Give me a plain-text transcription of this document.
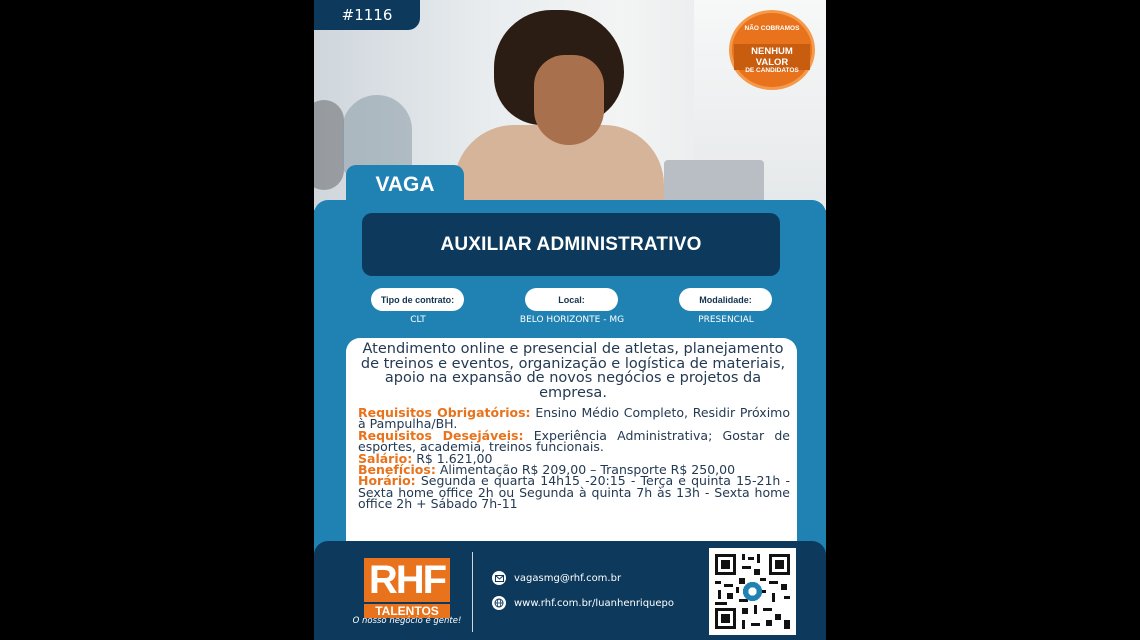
#1116
NÃO COBRAMOS
NENHUM VALOR
DE CANDIDATOS
VAGA
AUXILIAR ADMINISTRATIVO
Tipo de contrato:
CLT
Local:
BELO HORIZONTE - MG
Modalidade:
PRESENCIAL
Atendimento online e presencial de atletas, planejamento de treinos e eventos, organização e logística de materiais, apoio na expansão de novos negócios e projetos da empresa.
Requisitos Obrigatórios: Ensino Médio Completo, Residir Próximo à Pampulha/BH.
Requisitos Desejáveis: Experiência Administrativa; Gostar de esportes, academia, treinos funcionais.
Salário: R$ 1.621,00
Benefícios: Alimentação R$ 209,00 – Transporte R$ 250,00
Horário: Segunda e quarta 14h15 -20:15 - Terça e quinta 15-21h - Sexta home office 2h ou Segunda à quinta 7h às 13h - Sexta home office 2h + Sábado 7h-11
RHF
TALENTOS
vagasmg@rhf.com.br
www.rhf.com.br/luanhenriquepo
O nosso negócio é gente!
